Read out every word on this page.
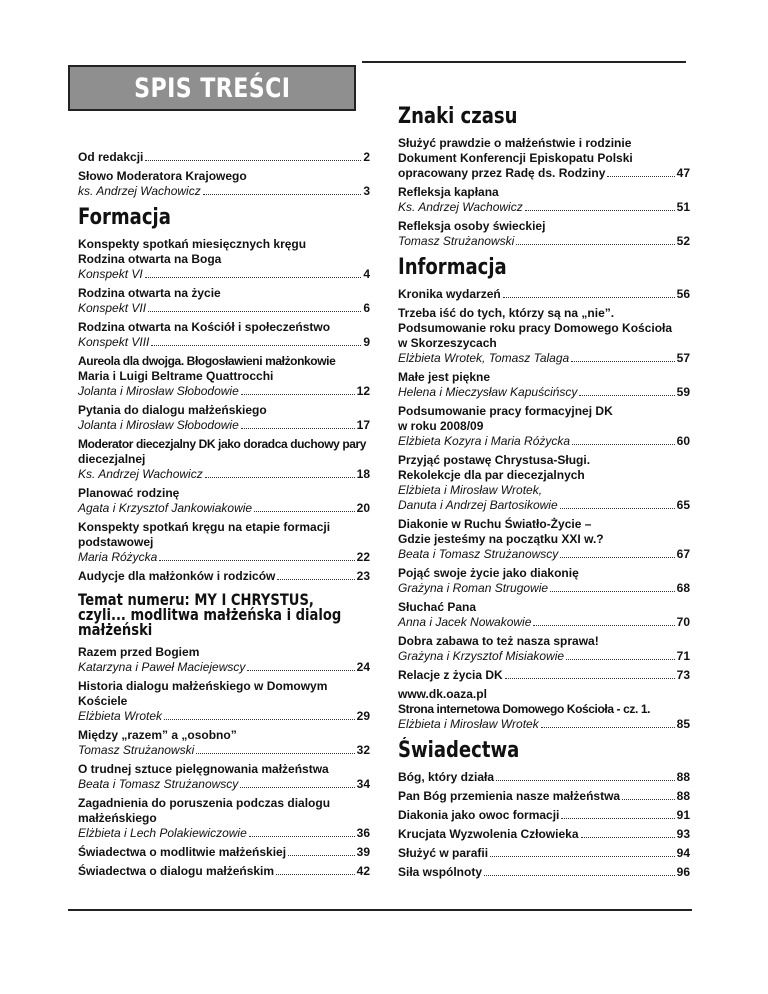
SPIS TREŚCI
Od redakcji	2
Słowo Moderatora Krajowego
ks. Andrzej Wachowicz	3
Formacja
Konspekty spotkań miesięcznych kręgu
Rodzina otwarta na Boga
Konspekt VI	4
Rodzina otwarta na życie
Konspekt VII	6
Rodzina otwarta na Kościół i społeczeństwo
Konspekt VIII	9
Aureola dla dwojga. Błogosławieni małżonkowie
Maria i Luigi Beltrame Quattrocchi
Jolanta i Mirosław Słobodowie	12
Pytania do dialogu małżeńskiego
Jolanta i Mirosław Słobodowie	17
Moderator diecezjalny DK jako doradca duchowy pary
diecezjalnej
Ks. Andrzej Wachowicz	18
Planować rodzinę
Agata i Krzysztof Jankowiakowie	20
Konspekty spotkań kręgu na etapie formacji
podstawowej
Maria Różycka	22
Audycje dla małżonków i rodziców	23
Temat numeru: MY I CHRYSTUS,
czyli... modlitwa małżeńska i dialog
małżeński
Razem przed Bogiem
Katarzyna i Paweł Maciejewscy	24
Historia dialogu małżeńskiego w Domowym
Kościele
Elżbieta Wrotek	29
Między „razem” a „osobno”
Tomasz Strużanowski	32
O trudnej sztuce pielęgnowania małżeństwa
Beata i Tomasz Strużanowscy	34
Zagadnienia do poruszenia podczas dialogu
małżeńskiego
Elżbieta i Lech Polakiewiczowie	36
Świadectwa o modlitwie małżeńskiej	39
Świadectwa o dialogu małżeńskim	42
Znaki czasu
Służyć prawdzie o małżeństwie i rodzinie
Dokument Konferencji Episkopatu Polski
opracowany przez Radę ds. Rodziny	47
Refleksja kapłana
Ks. Andrzej Wachowicz	51
Refleksja osoby świeckiej
Tomasz Strużanowski	52
Informacja
Kronika wydarzeń	56
Trzeba iść do tych, którzy są na „nie”.
Podsumowanie roku pracy Domowego Kościoła
w Skorzeszycach
Elżbieta Wrotek, Tomasz Talaga	57
Małe jest piękne
Helena i Mieczysław Kapuścińscy	59
Podsumowanie pracy formacyjnej DK
w roku 2008/09
Elżbieta Kozyra i Maria Różycka	60
Przyjąć postawę Chrystusa-Sługi.
Rekolekcje dla par diecezjalnych
Elżbieta i Mirosław Wrotek,
Danuta i Andrzej Bartosikowie	65
Diakonie w Ruchu Światło-Życie –
Gdzie jesteśmy na początku XXI w.?
Beata i Tomasz Strużanowscy	67
Pojąć swoje życie jako diakonię
Grażyna i Roman Strugowie	68
Słuchać Pana
Anna i Jacek Nowakowie	70
Dobra zabawa to też nasza sprawa!
Grażyna i Krzysztof Misiakowie	71
Relacje z życia DK	73
www.dk.oaza.pl
Strona internetowa Domowego Kościoła - cz. 1.
Elżbieta i Mirosław Wrotek	85
Świadectwa
Bóg, który działa	88
Pan Bóg przemienia nasze małżeństwa	88
Diakonia jako owoc formacji	91
Krucjata Wyzwolenia Człowieka	93
Służyć w parafii	94
Siła wspólnoty	96
